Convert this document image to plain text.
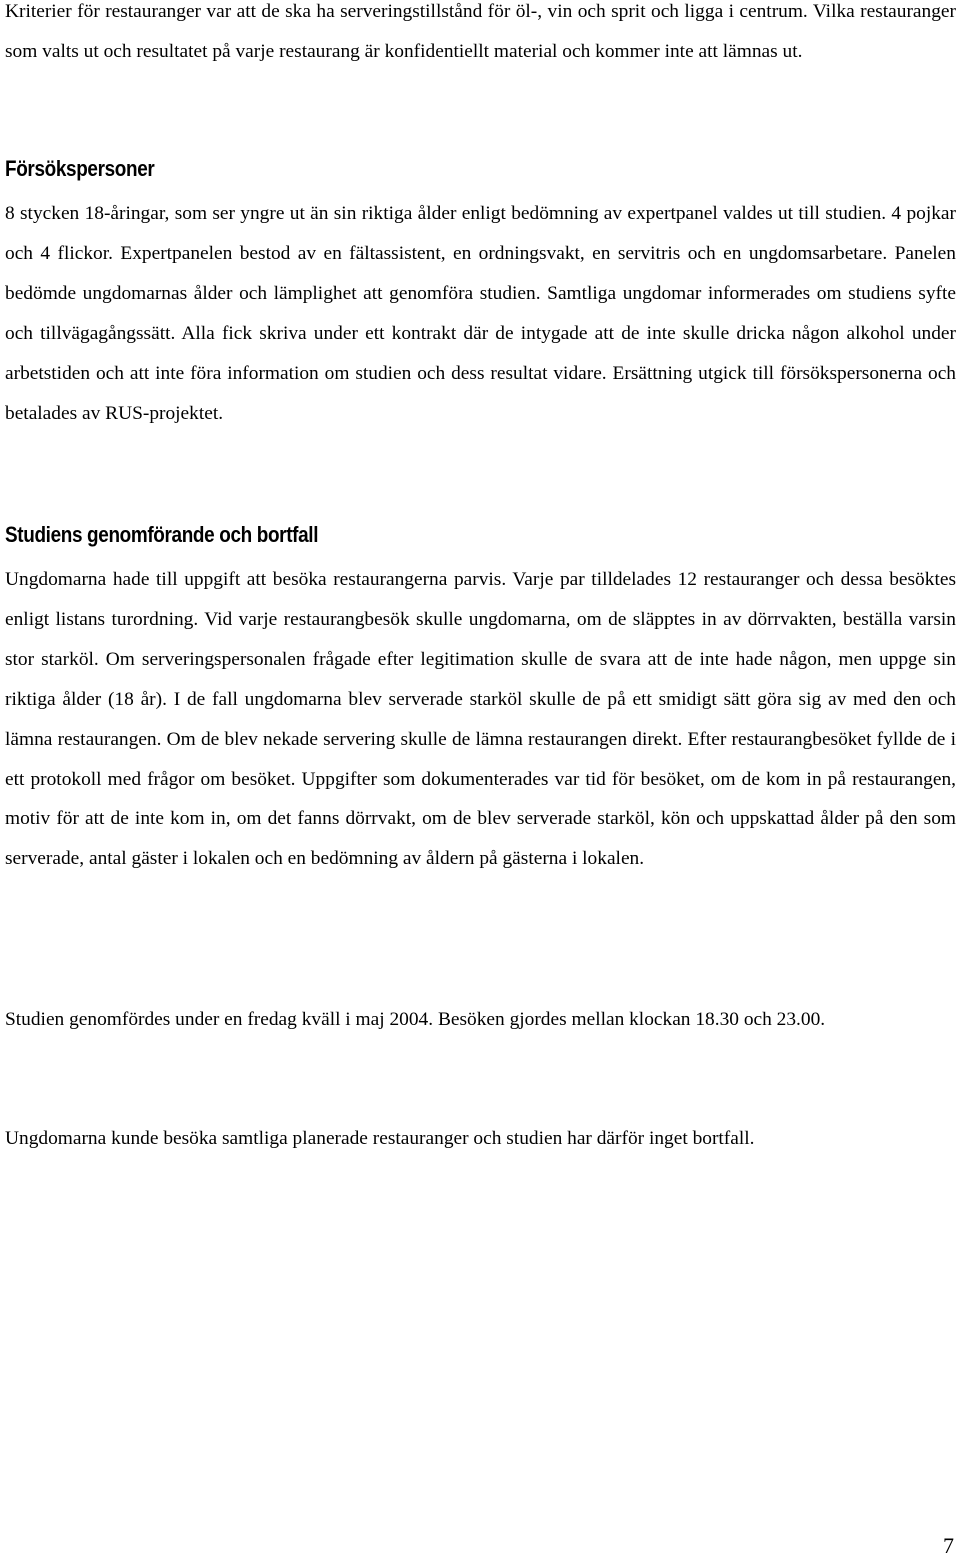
Kriterier för restauranger var att de ska ha serveringstillstånd för öl-, vin och sprit och ligga i centrum. Vilka restauranger som valts ut och resultatet på varje restaurang är konfidentiellt material och kommer inte att lämnas ut.

Försökspersoner

8 stycken 18-åringar, som ser yngre ut än sin riktiga ålder enligt bedömning av expertpanel valdes ut till studien. 4 pojkar och 4 flickor. Expertpanelen bestod av en fältassistent, en ordningsvakt, en servitris och en ungdomsarbetare. Panelen bedömde ungdomarnas ålder och lämplighet att genomföra studien. Samtliga ungdomar informerades om studiens syfte och tillvägagångssätt. Alla fick skriva under ett kontrakt där de intygade att de inte skulle dricka någon alkohol under arbetstiden och att inte föra information om studien och dess resultat vidare. Ersättning utgick till försökspersonerna och betalades av RUS-projektet.

Studiens genomförande och bortfall

Ungdomarna hade till uppgift att besöka restaurangerna parvis. Varje par tilldelades 12 restauranger och dessa besöktes enligt listans turordning. Vid varje restaurangbesök skulle ungdomarna, om de släpptes in av dörrvakten, beställa varsin stor starköl. Om serveringspersonalen frågade efter legitimation skulle de svara att de inte hade någon, men uppge sin riktiga ålder (18 år). I de fall ungdomarna blev serverade starköl skulle de på ett smidigt sätt göra sig av med den och lämna restaurangen. Om de blev nekade servering skulle de lämna restaurangen direkt. Efter restaurangbesöket fyllde de i ett protokoll med frågor om besöket. Uppgifter som dokumenterades var tid för besöket, om de kom in på restaurangen, motiv för att de inte kom in, om det fanns dörrvakt, om de blev serverade starköl, kön och uppskattad ålder på den som serverade, antal gäster i lokalen och en bedömning av åldern på gästerna i lokalen.

Studien genomfördes under en fredag kväll i maj 2004. Besöken gjordes mellan klockan 18.30 och 23.00.

Ungdomarna kunde besöka samtliga planerade restauranger och studien har därför inget bortfall.

7
